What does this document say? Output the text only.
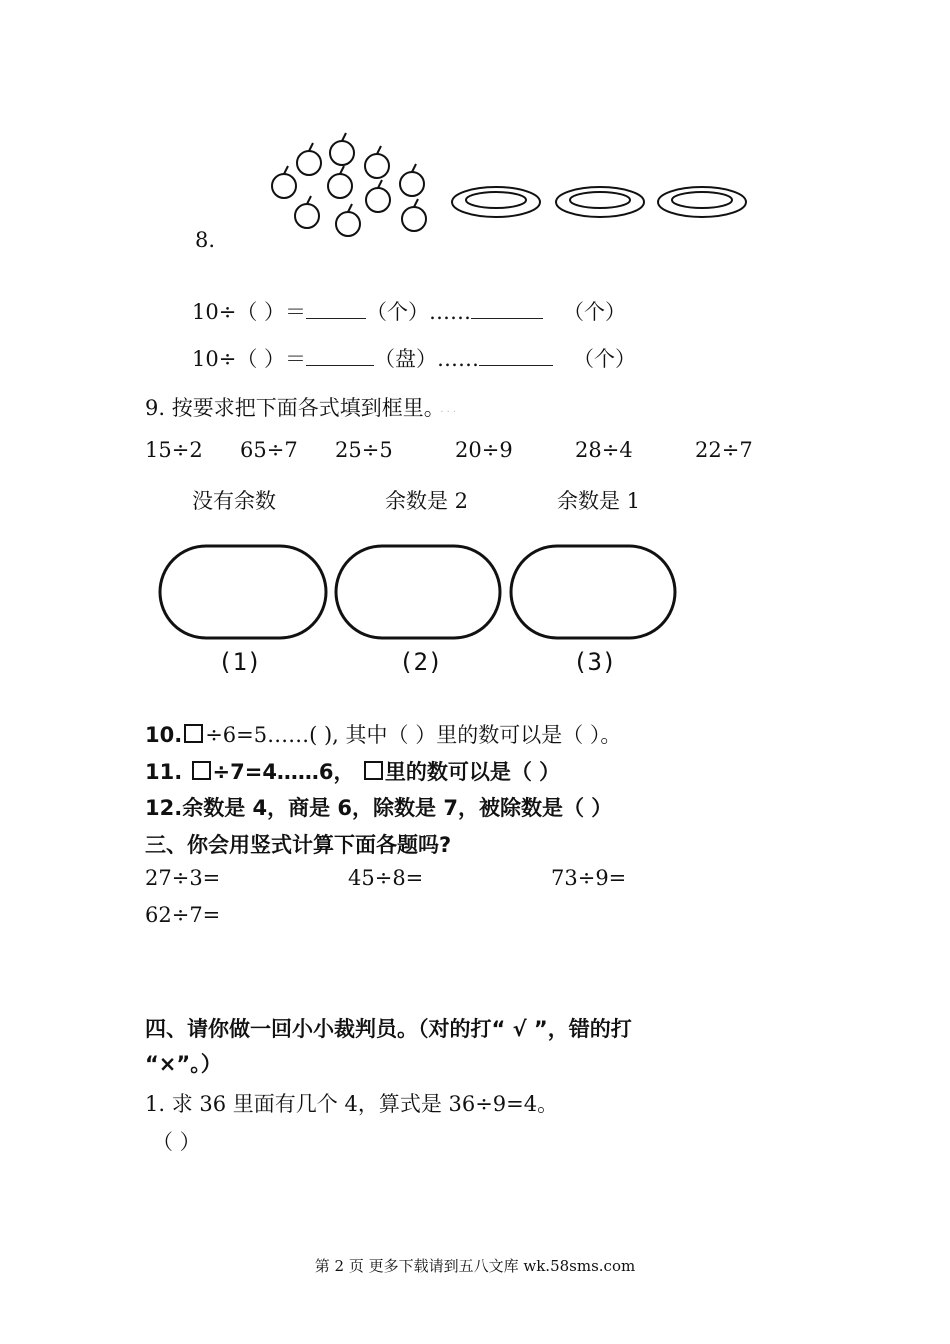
8.
10÷（ ）＝	（个）……	（个）
10÷（ ）＝	（盘）……	（个）
9. 按要求把下面各式填到框里。 · · ·
15÷2 65÷7 25÷5	20÷9	28÷4	22÷7
没有余数	余数是 2	余数是 1
(1)	(2)	(3)
10. ÷6=5……( ), 其中（ ）里的数可以是（ ）。
11. ÷7=4……6， 里的数可以是（ ）
12.余数是 4，商是 6，除数是 7，被除数是（ ）
三、你会用竖式计算下面各题吗?
27÷3=	45÷8=	73÷9=
62÷7=
四、请你做一回小小裁判员。（对的打“ √ ”，错的打
“×”。）
1. 求 36 里面有几个 4，算式是 36÷9=4。
（ ）
第 2 页 更多下载请到五八文库 wk.58sms.com
